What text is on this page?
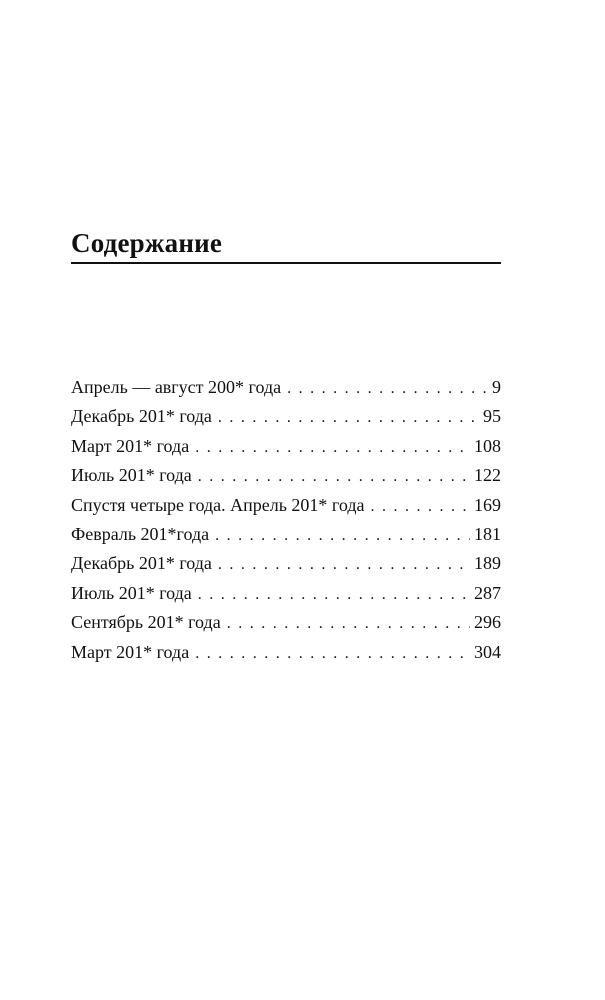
Содержание
Апрель — август 200* года . . .	9
Декабрь 201* года . . .	95
Март 201* года . . .	108
Июль 201* года . . .	122
Спустя четыре года. Апрель 201* года . . .	169
Февраль 201*года . . .	181
Декабрь 201* года . . .	189
Июль 201* года . . .	287
Сентябрь 201* года . . .	296
Март 201* года . . .	304
